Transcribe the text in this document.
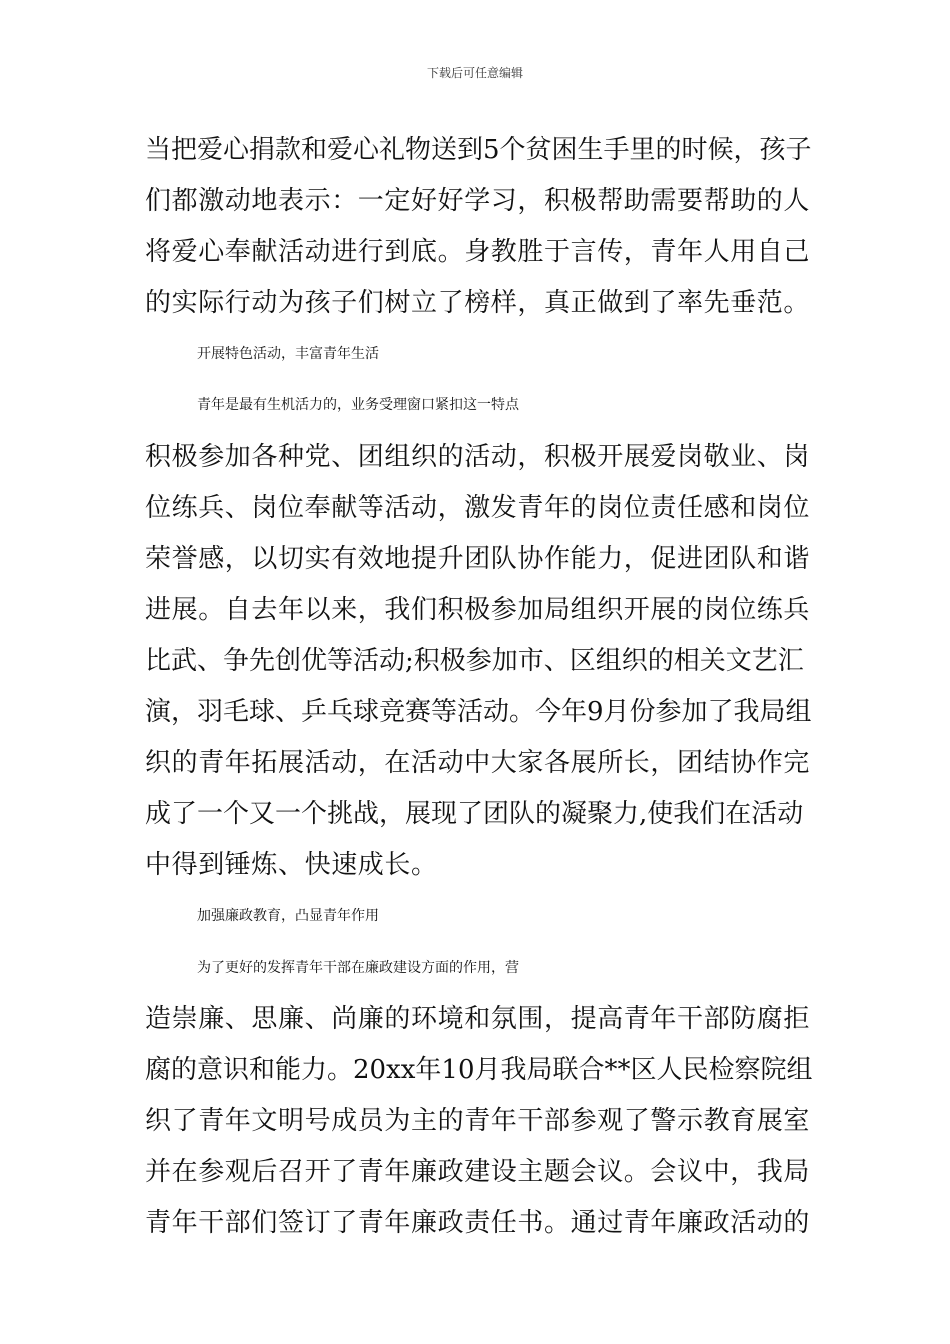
下载后可任意编辑
当把爱心捐款和爱心礼物送到5个贫困生手里的时候，孩子
们都激动地表示：一定好好学习，积极帮助需要帮助的人
将爱心奉献活动进行到底。身教胜于言传，青年人用自己
的实际行动为孩子们树立了榜样，真正做到了率先垂范。
开展特色活动，丰富青年生活
青年是最有生机活力的，业务受理窗口紧扣这一特点
积极参加各种党、团组织的活动，积极开展爱岗敬业、岗
位练兵、岗位奉献等活动，激发青年的岗位责任感和岗位
荣誉感，以切实有效地提升团队协作能力，促进团队和谐
进展。自去年以来，我们积极参加局组织开展的岗位练兵
比武、争先创优等活动;积极参加市、区组织的相关文艺汇
演，羽毛球、乒乓球竞赛等活动。今年9月份参加了我局组
织的青年拓展活动，在活动中大家各展所长，团结协作完
成了一个又一个挑战，展现了团队的凝聚力,使我们在活动
中得到锤炼、快速成长。
加强廉政教育，凸显青年作用
为了更好的发挥青年干部在廉政建设方面的作用，营
造崇廉、思廉、尚廉的环境和氛围，提高青年干部防腐拒
腐的意识和能力。20xx年10月我局联合**区人民检察院组
织了青年文明号成员为主的青年干部参观了警示教育展室
并在参观后召开了青年廉政建设主题会议。会议中，我局
青年干部们签订了青年廉政责任书。通过青年廉政活动的
